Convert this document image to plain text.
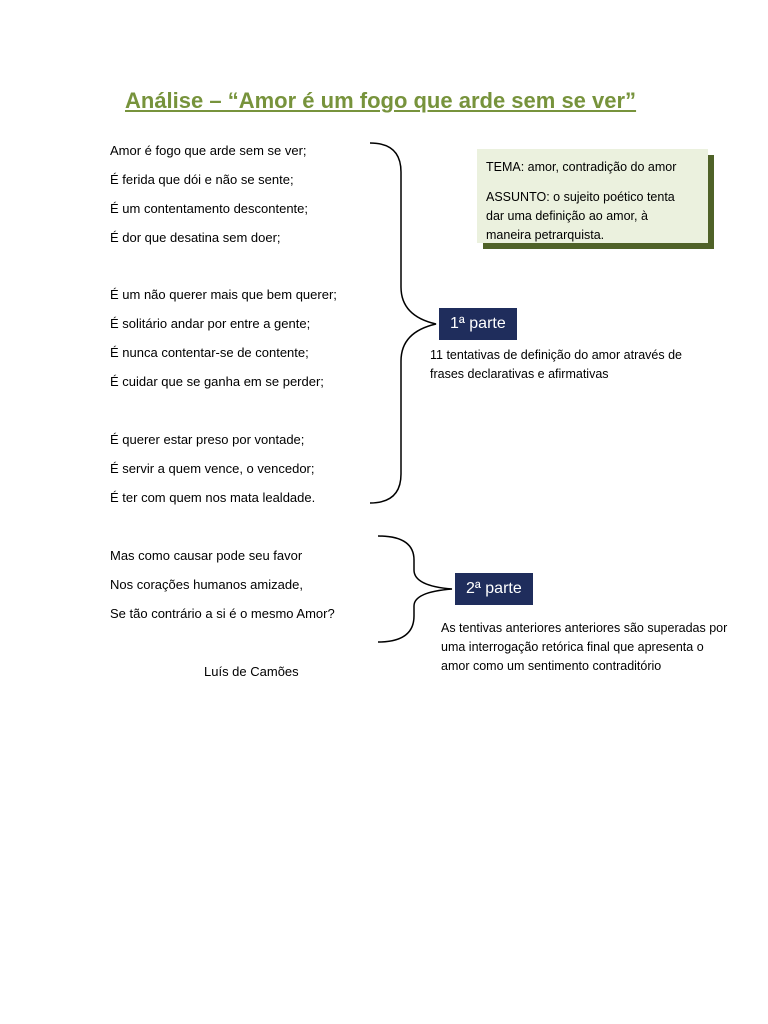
Análise – “Amor é um fogo que arde sem se ver”
Amor é fogo que arde sem se ver;
É ferida que dói e não se sente;
É um contentamento descontente;
É dor que desatina sem doer;
É um não querer mais que bem querer;
É solitário andar por entre a gente;
É nunca contentar-se de contente;
É cuidar que se ganha em se perder;
É querer estar preso por vontade;
É servir a quem vence, o vencedor;
É ter com quem nos mata lealdade.
Mas como causar pode seu favor
Nos corações humanos amizade,
Se tão contrário a si é o mesmo Amor?
Luís de Camões
TEMA: amor, contradição do amor
ASSUNTO: o sujeito poético tenta
dar uma definição ao amor, à
maneira petrarquista.
1ª parte
11 tentativas de definição do amor através de
frases declarativas e afirmativas
2ª parte
As tentivas anteriores anteriores são superadas por
uma interrogação retórica final que apresenta o
amor como um sentimento contraditório
